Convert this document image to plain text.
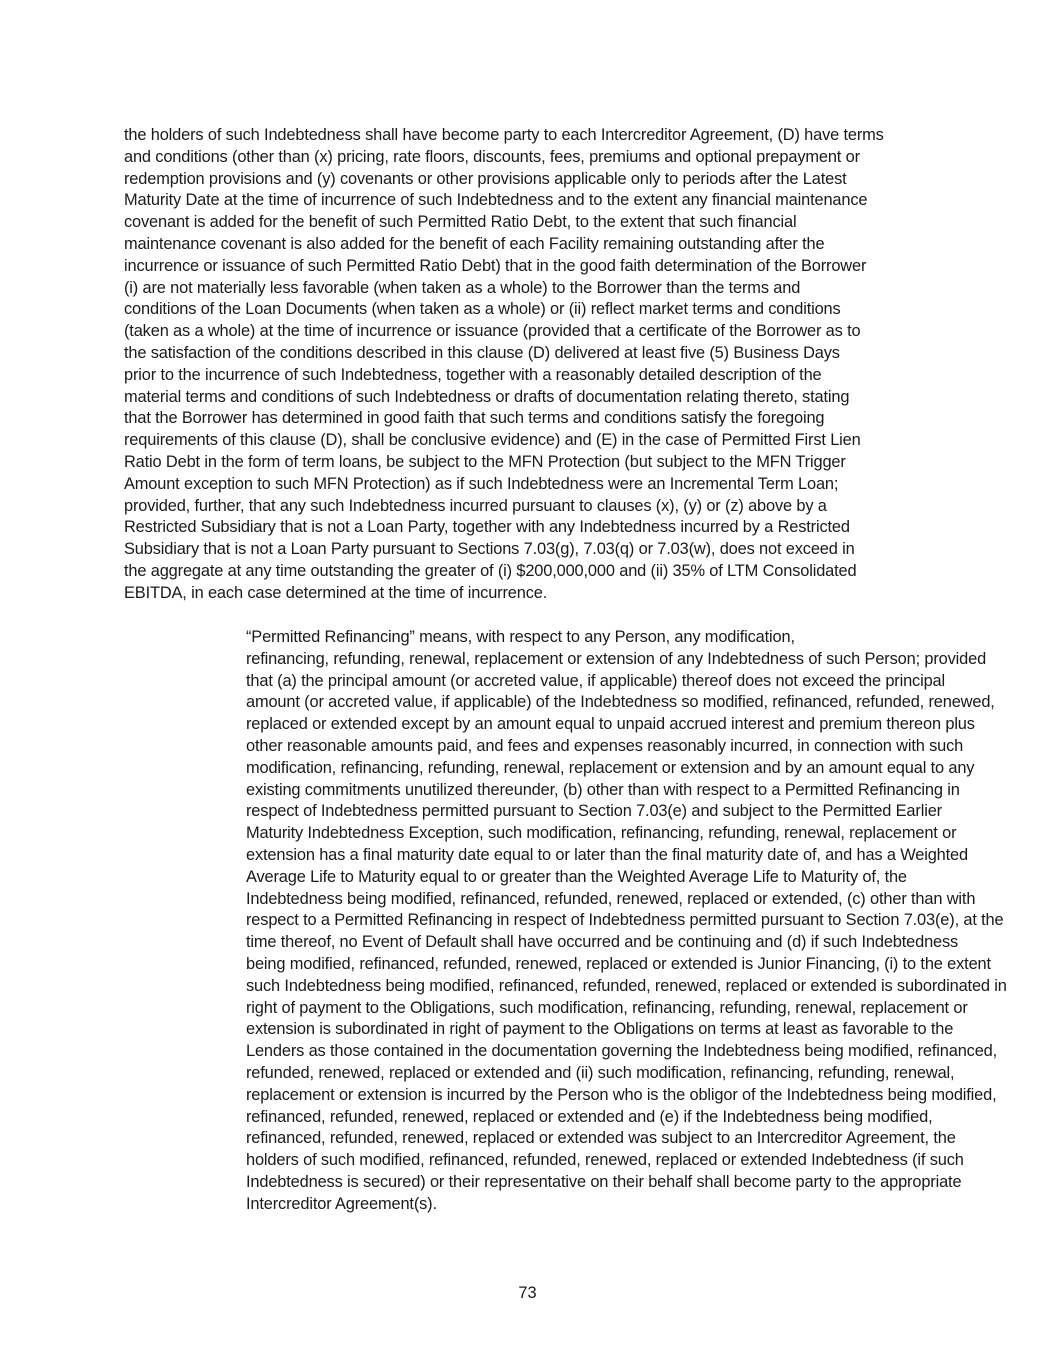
the holders of such Indebtedness shall have become party to each Intercreditor Agreement, (D) have terms
and conditions (other than (x) pricing, rate floors, discounts, fees, premiums and optional prepayment or
redemption provisions and (y) covenants or other provisions applicable only to periods after the Latest
Maturity Date at the time of incurrence of such Indebtedness and to the extent any financial maintenance
covenant is added for the benefit of such Permitted Ratio Debt, to the extent that such financial
maintenance covenant is also added for the benefit of each Facility remaining outstanding after the
incurrence or issuance of such Permitted Ratio Debt) that in the good faith determination of the Borrower
(i) are not materially less favorable (when taken as a whole) to the Borrower than the terms and
conditions of the Loan Documents (when taken as a whole) or (ii) reflect market terms and conditions
(taken as a whole) at the time of incurrence or issuance (provided that a certificate of the Borrower as to
the satisfaction of the conditions described in this clause (D) delivered at least five (5) Business Days
prior to the incurrence of such Indebtedness, together with a reasonably detailed description of the
material terms and conditions of such Indebtedness or drafts of documentation relating thereto, stating
that the Borrower has determined in good faith that such terms and conditions satisfy the foregoing
requirements of this clause (D), shall be conclusive evidence) and (E) in the case of Permitted First Lien
Ratio Debt in the form of term loans, be subject to the MFN Protection (but subject to the MFN Trigger
Amount exception to such MFN Protection) as if such Indebtedness were an Incremental Term Loan;
provided, further, that any such Indebtedness incurred pursuant to clauses (x), (y) or (z) above by a
Restricted Subsidiary that is not a Loan Party, together with any Indebtedness incurred by a Restricted
Subsidiary that is not a Loan Party pursuant to Sections 7.03(g), 7.03(q) or 7.03(w), does not exceed in
the aggregate at any time outstanding the greater of (i) $200,000,000 and (ii) 35% of LTM Consolidated
EBITDA, in each case determined at the time of incurrence.
“Permitted Refinancing” means, with respect to any Person, any modification,
refinancing, refunding, renewal, replacement or extension of any Indebtedness of such Person; provided
that (a) the principal amount (or accreted value, if applicable) thereof does not exceed the principal
amount (or accreted value, if applicable) of the Indebtedness so modified, refinanced, refunded, renewed,
replaced or extended except by an amount equal to unpaid accrued interest and premium thereon plus
other reasonable amounts paid, and fees and expenses reasonably incurred, in connection with such
modification, refinancing, refunding, renewal, replacement or extension and by an amount equal to any
existing commitments unutilized thereunder, (b) other than with respect to a Permitted Refinancing in
respect of Indebtedness permitted pursuant to Section 7.03(e) and subject to the Permitted Earlier
Maturity Indebtedness Exception, such modification, refinancing, refunding, renewal, replacement or
extension has a final maturity date equal to or later than the final maturity date of, and has a Weighted
Average Life to Maturity equal to or greater than the Weighted Average Life to Maturity of, the
Indebtedness being modified, refinanced, refunded, renewed, replaced or extended, (c) other than with
respect to a Permitted Refinancing in respect of Indebtedness permitted pursuant to Section 7.03(e), at the
time thereof, no Event of Default shall have occurred and be continuing and (d) if such Indebtedness
being modified, refinanced, refunded, renewed, replaced or extended is Junior Financing, (i) to the extent
such Indebtedness being modified, refinanced, refunded, renewed, replaced or extended is subordinated in
right of payment to the Obligations, such modification, refinancing, refunding, renewal, replacement or
extension is subordinated in right of payment to the Obligations on terms at least as favorable to the
Lenders as those contained in the documentation governing the Indebtedness being modified, refinanced,
refunded, renewed, replaced or extended and (ii) such modification, refinancing, refunding, renewal,
replacement or extension is incurred by the Person who is the obligor of the Indebtedness being modified,
refinanced, refunded, renewed, replaced or extended and (e) if the Indebtedness being modified,
refinanced, refunded, renewed, replaced or extended was subject to an Intercreditor Agreement, the
holders of such modified, refinanced, refunded, renewed, replaced or extended Indebtedness (if such
Indebtedness is secured) or their representative on their behalf shall become party to the appropriate
Intercreditor Agreement(s).
73
